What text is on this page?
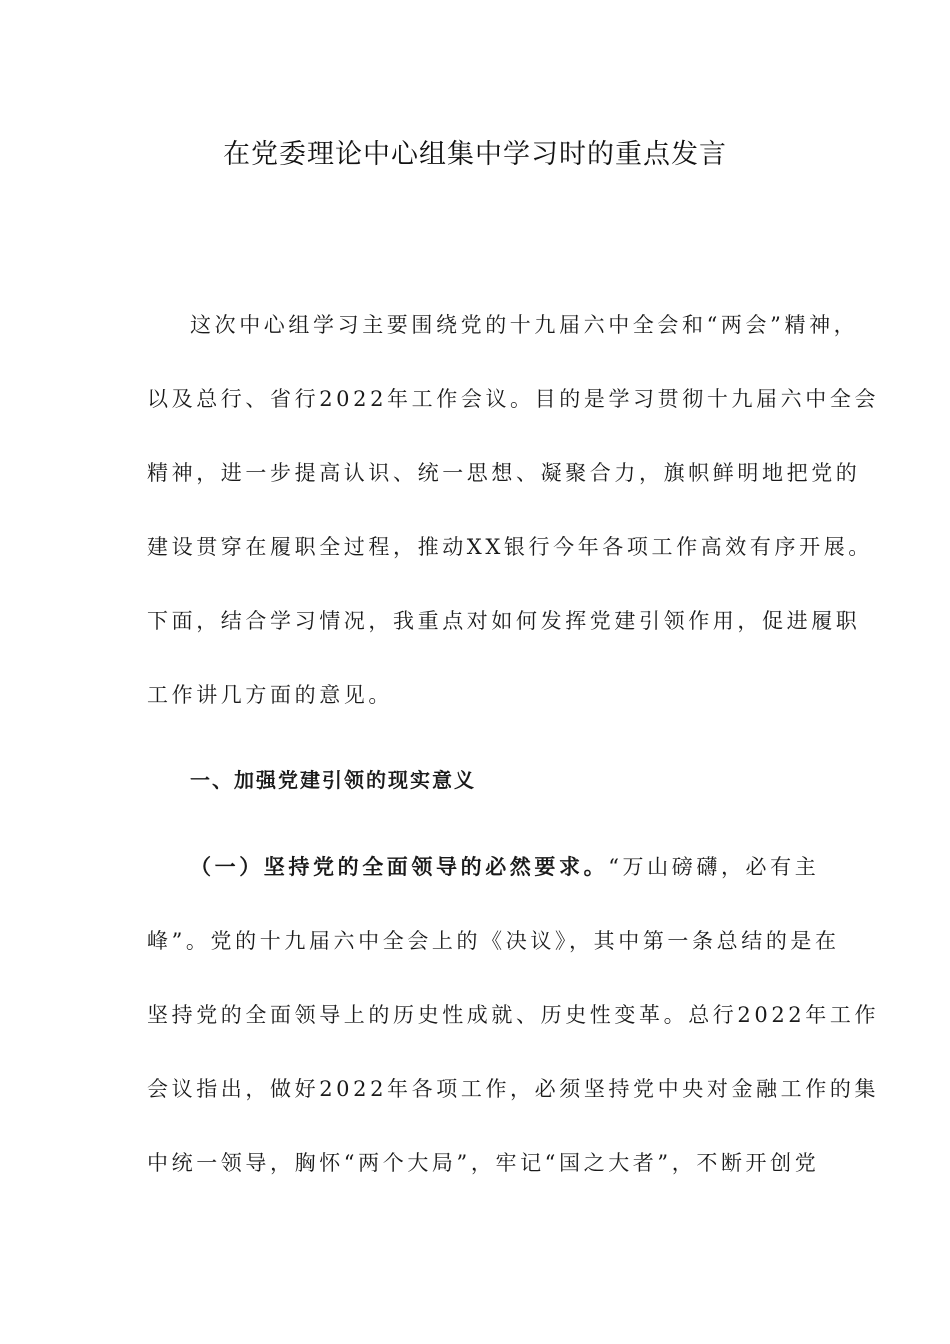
在党委理论中心组集中学习时的重点发言
这次中心组学习主要围绕党的十九届六中全会和“两会”精神，
以及总行、省行2022年工作会议。目的是学习贯彻十九届六中全会
精神，进一步提高认识、统一思想、凝聚合力，旗帜鲜明地把党的
建设贯穿在履职全过程，推动XX银行今年各项工作高效有序开展。
下面，结合学习情况，我重点对如何发挥党建引领作用，促进履职
工作讲几方面的意见。
一、加强党建引领的现实意义
（一）坚持党的全面领导的必然要求。“万山磅礴，必有主
峰”。党的十九届六中全会上的《决议》，其中第一条总结的是在
坚持党的全面领导上的历史性成就、历史性变革。总行2022年工作
会议指出，做好2022年各项工作，必须坚持党中央对金融工作的集
中统一领导，胸怀“两个大局”，牢记“国之大者”，不断开创党
